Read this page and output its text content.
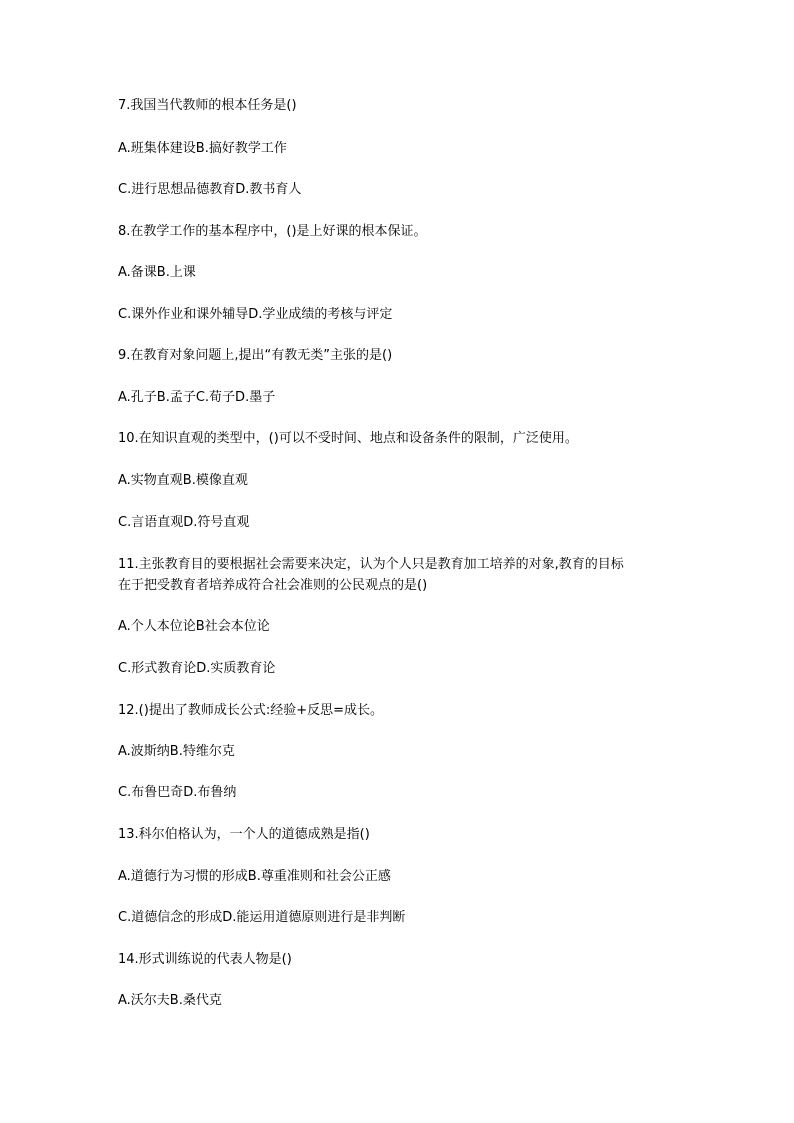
7.我国当代教师的根本任务是()
A.班集体建设B.搞好教学工作
C.进行思想品德教育D.教书育人
8.在教学工作的基本程序中，()是上好课的根本保证。
A.备课B.上课
C.课外作业和课外辅导D.学业成绩的考核与评定
9.在教育对象问题上,提出“有教无类”主张的是()
A.孔子B.孟子C.荀子D.墨子
10.在知识直观的类型中，()可以不受时间、地点和设备条件的限制，广泛使用。
A.实物直观B.模像直观
C.言语直观D.符号直观
11.主张教育目的要根据社会需要来决定，认为个人只是教育加工培养的对象,教育的目标
在于把受教育者培养成符合社会准则的公民观点的是()
A.个人本位论B社会本位论
C.形式教育论D.实质教育论
12.()提出了教师成长公式:经验+反思=成长。
A.波斯纳B.特维尔克
C.布鲁巴奇D.布鲁纳
13.科尔伯格认为，一个人的道德成熟是指()
A.道德行为习惯的形成B.尊重准则和社会公正感
C.道德信念的形成D.能运用道德原则进行是非判断
14.形式训练说的代表人物是()
A.沃尔夫B.桑代克
